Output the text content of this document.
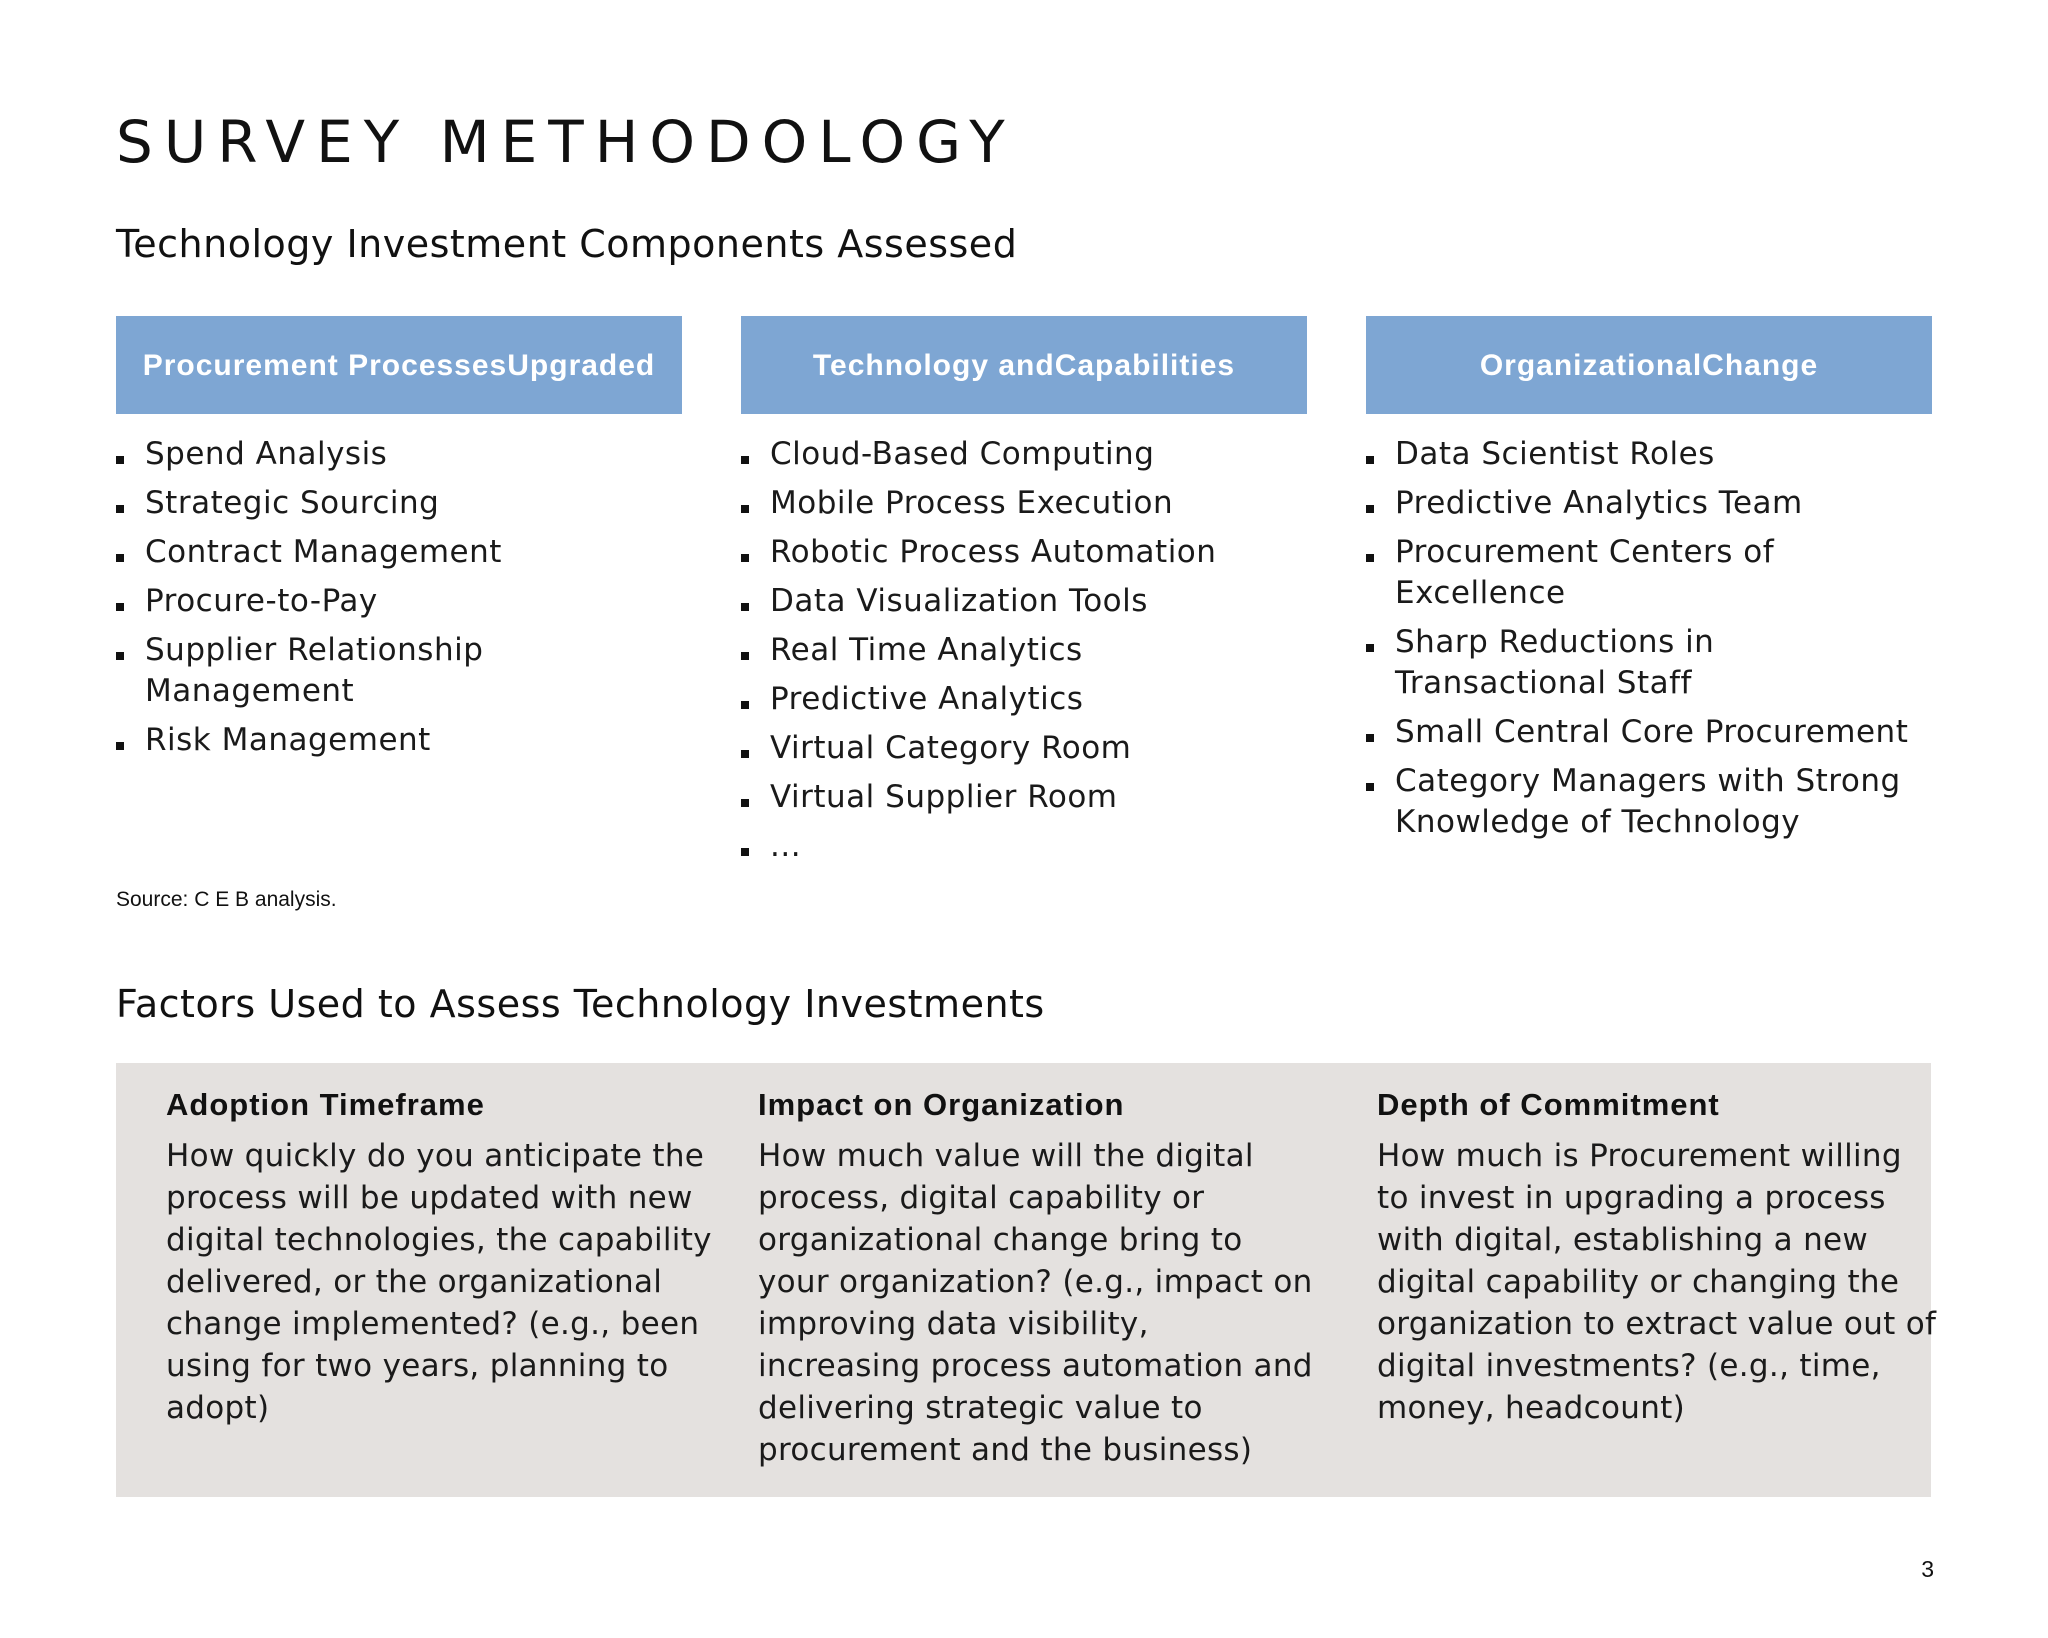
SURVEY METHODOLOGY
Technology Investment Components Assessed
Procurement Processes Upgraded
Spend Analysis
Strategic Sourcing
Contract Management
Procure-to-Pay
Supplier Relationship Management
Risk Management
Technology and Capabilities
Cloud-Based Computing
Mobile Process Execution
Robotic Process Automation
Data Visualization Tools
Real Time Analytics
Predictive Analytics
Virtual Category Room
Virtual Supplier Room
...
Organizational Change
Data Scientist Roles
Predictive Analytics Team
Procurement Centers of Excellence
Sharp Reductions in Transactional Staff
Small Central Core Procurement
Category Managers with Strong Knowledge of Technology
Source: C E B analysis.
Factors Used to Assess Technology Investments
Adoption Timeframe
How quickly do you anticipate the process will be updated with new digital technologies, the capability delivered, or the organizational change implemented? (e.g., been using for two years, planning to adopt)
Impact on Organization
How much value will the digital process, digital capability or organizational change bring to your organization? (e.g., impact on improving data visibility, increasing process automation and delivering strategic value to procurement and the business)
Depth of Commitment
How much is Procurement willing to invest in upgrading a process with digital, establishing a new digital capability or changing the organization to extract value out of digital investments? (e.g., time, money, headcount)
3
